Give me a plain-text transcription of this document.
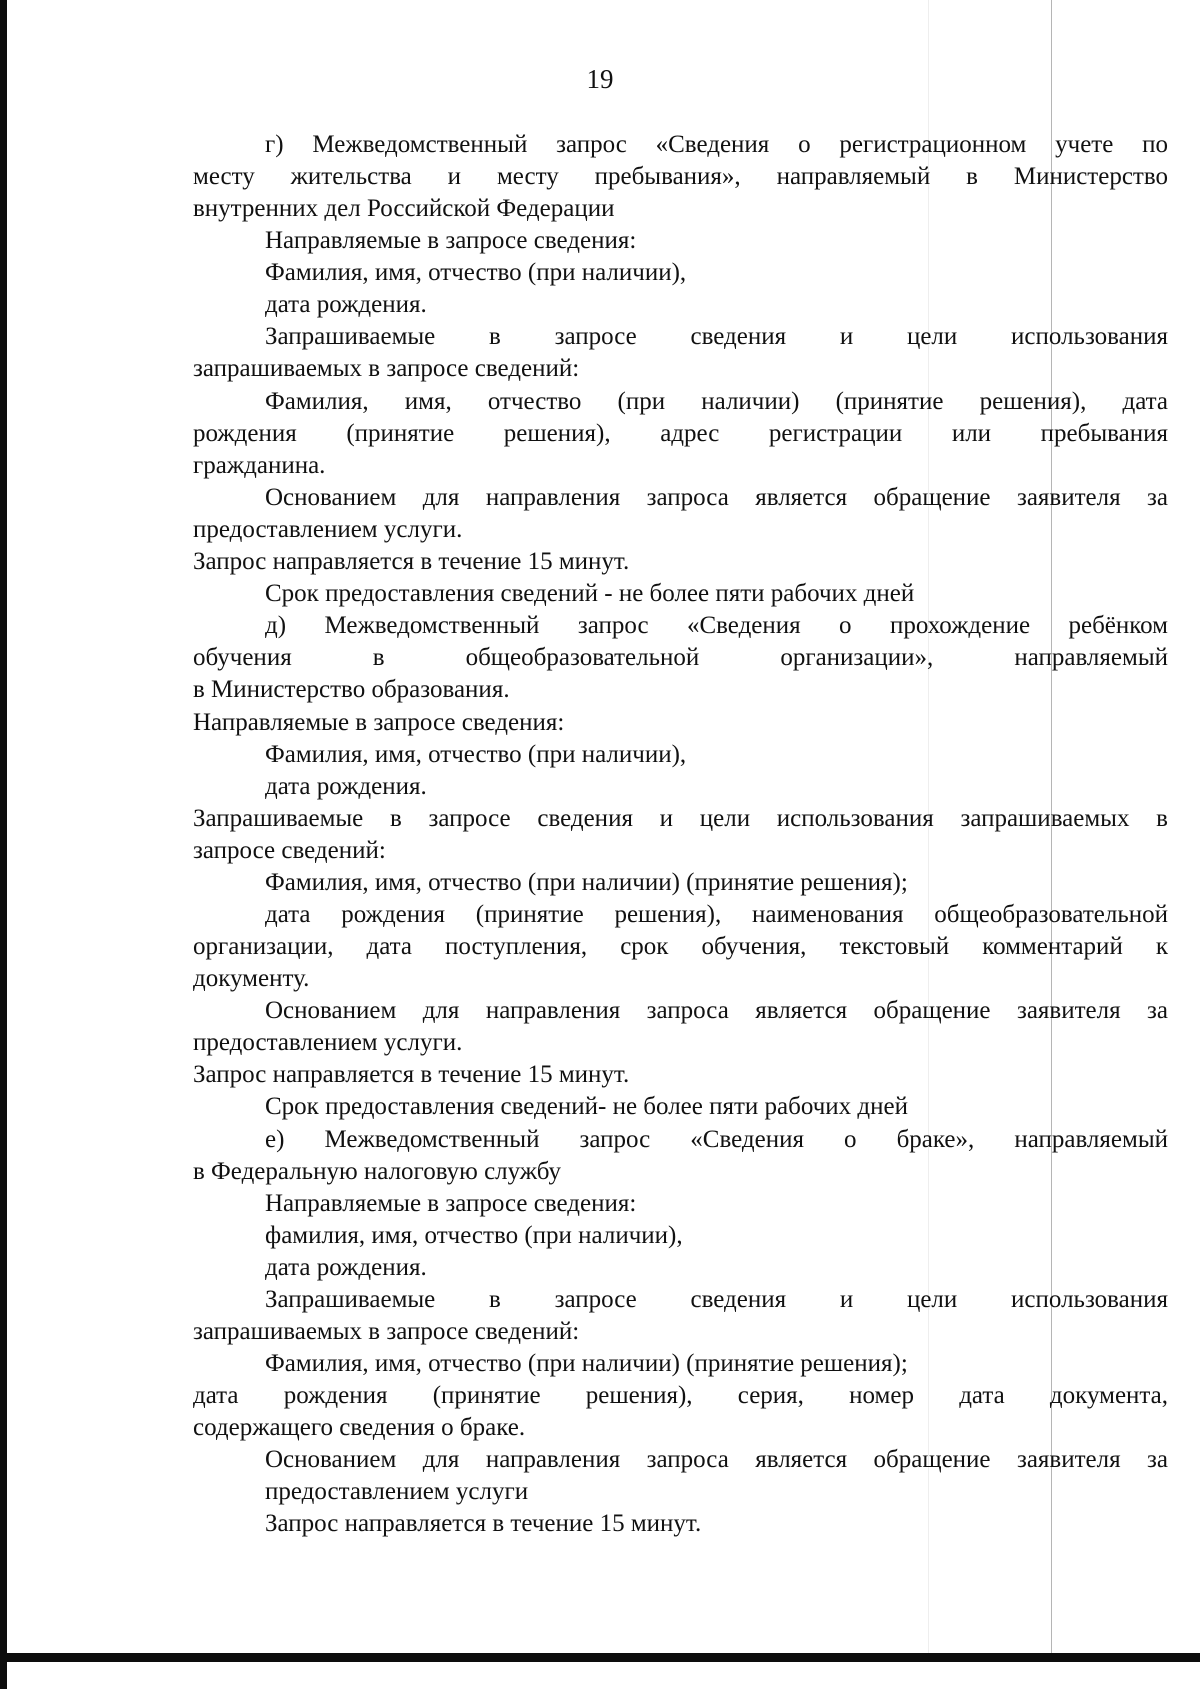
19
г) Межведомственный запрос «Сведения о регистрационном учете по
месту жительства и месту пребывания», направляемый в Министерство
внутренних дел Российской Федерации
Направляемые в запросе сведения:
Фамилия, имя, отчество (при наличии),
дата рождения.
Запрашиваемые в запросе сведения и цели использования
запрашиваемых в запросе сведений:
Фамилия, имя, отчество (при наличии) (принятие решения), дата
рождения (принятие решения), адрес регистрации или пребывания
гражданина.
Основанием для направления запроса является обращение заявителя за
предоставлением услуги.
Запрос направляется в течение 15 минут.
Срок предоставления сведений - не более пяти рабочих дней
д) Межведомственный запрос «Сведения о прохождение ребёнком
обучения в общеобразовательной организации», направляемый
в Министерство образования.
Направляемые в запросе сведения:
Фамилия, имя, отчество (при наличии),
дата рождения.
Запрашиваемые в запросе сведения и цели использования запрашиваемых в
запросе сведений:
Фамилия, имя, отчество (при наличии) (принятие решения);
дата рождения (принятие решения), наименования общеобразовательной
организации, дата поступления, срок обучения, текстовый комментарий к
документу.
Основанием для направления запроса является обращение заявителя за
предоставлением услуги.
Запрос направляется в течение 15 минут.
Срок предоставления сведений- не более пяти рабочих дней
е) Межведомственный запрос «Сведения о браке», направляемый
в Федеральную налоговую службу
Направляемые в запросе сведения:
фамилия, имя, отчество (при наличии),
дата рождения.
Запрашиваемые в запросе сведения и цели использования
запрашиваемых в запросе сведений:
Фамилия, имя, отчество (при наличии) (принятие решения);
дата рождения (принятие решения), серия, номер дата документа,
содержащего сведения о браке.
Основанием для направления запроса является обращение заявителя за
предоставлением услуги
Запрос направляется в течение 15 минут.
